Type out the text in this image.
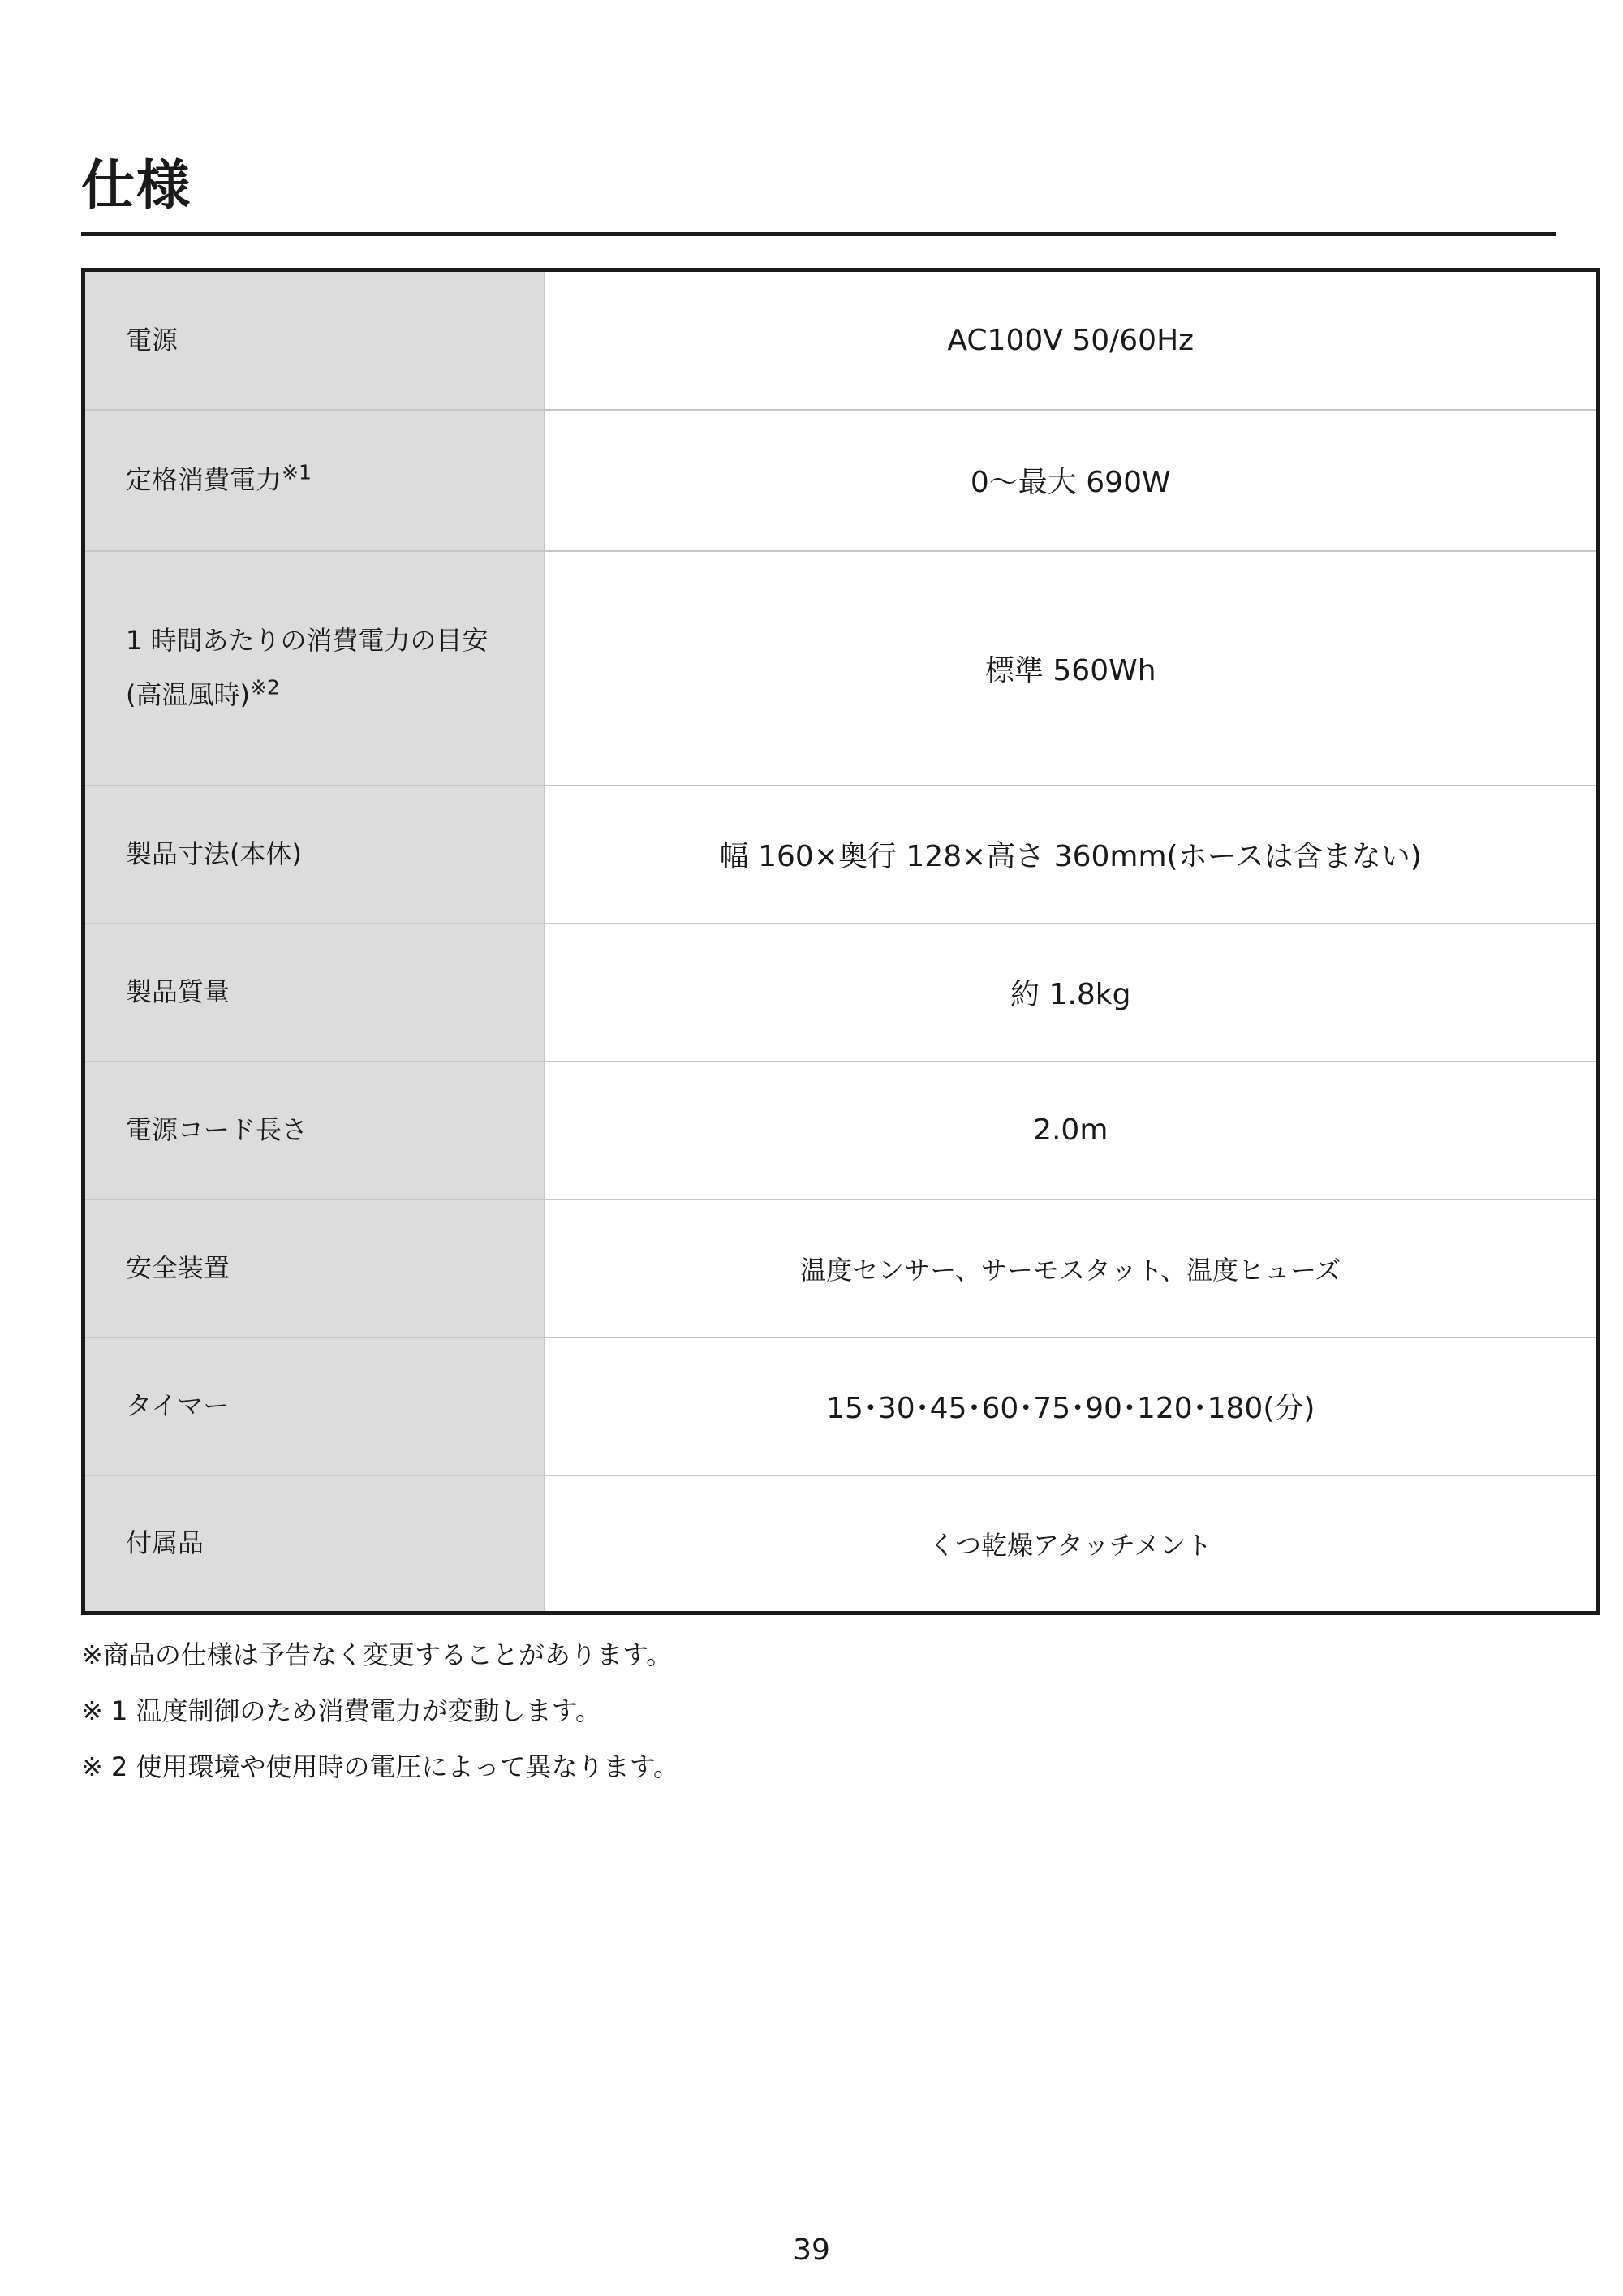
仕様
電源	AC100V 50/60Hz
定格消費電力$^{※1}$	0〜最大 690W

1 時間あたりの消費電力の目安
(高温風時)$^{※2}$	標準 560Wh
製品寸法(本体)	幅 160×奥行 128×高さ 360mm(ホースは含まない)
製品質量	約 1.8kg
電源コード長さ	2.0m
安全装置	温度センサー、サーモスタット、温度ヒューズ
タイマー	15･30･45･60･75･90･120･180(分)
付属品	くつ乾燥アタッチメント
※商品の仕様は予告なく変更することがあります。
※ 1 温度制御のため消費電力が変動します。
※ 2 使用環境や使用時の電圧によって異なります。
39
